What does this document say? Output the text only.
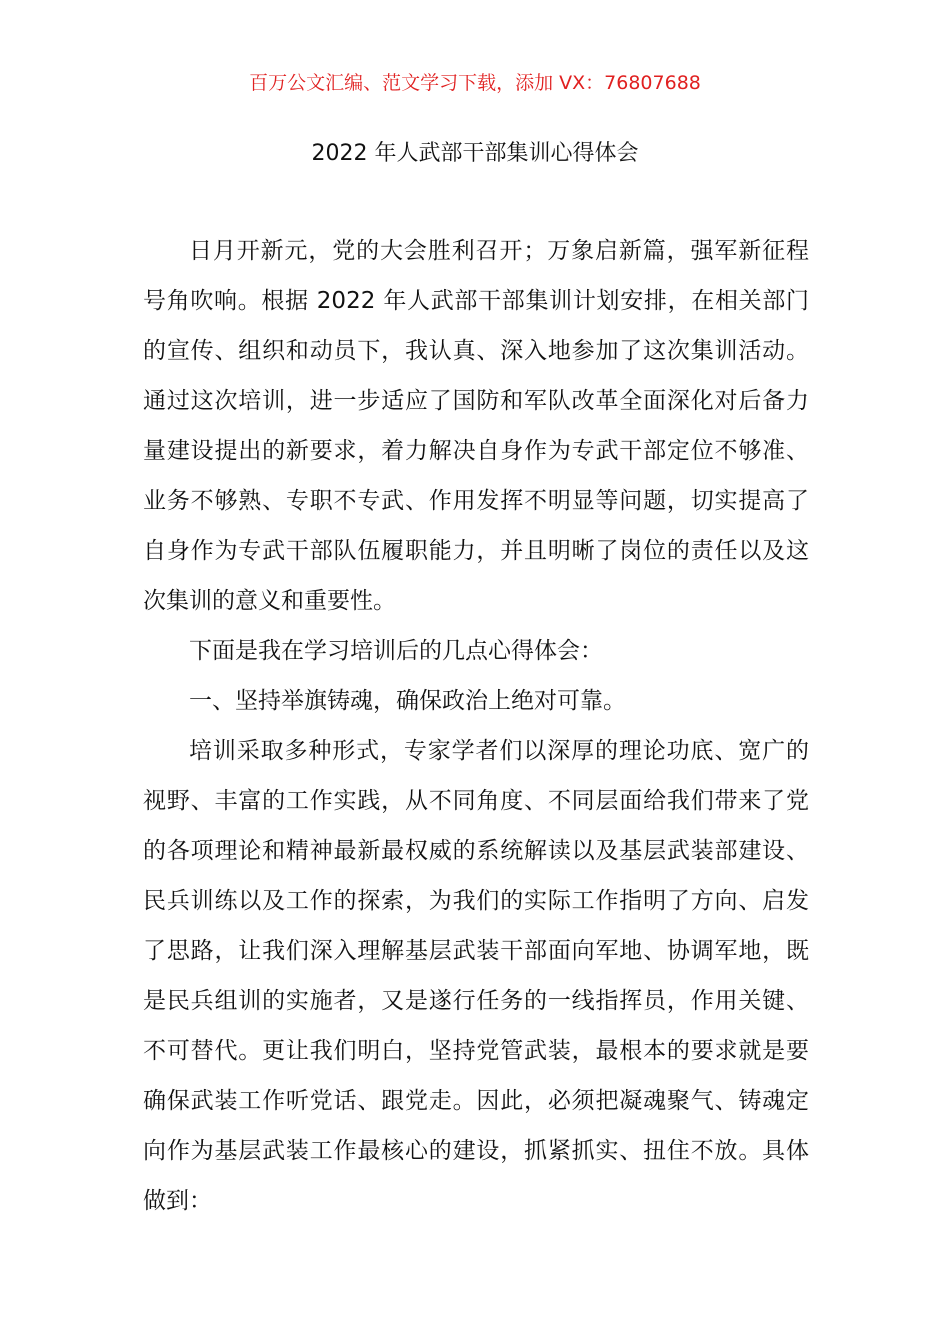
百万公文汇编、范文学习下载，添加 VX：76807688
2022 年人武部干部集训心得体会

日月开新元，党的大会胜利召开；万象启新篇，强军新征程号角吹响。根据 2022 年人武部干部集训计划安排，在相关部门的宣传、组织和动员下，我认真、深入地参加了这次集训活动。通过这次培训，进一步适应了国防和军队改革全面深化对后备力量建设提出的新要求，着力解决自身作为专武干部定位不够准、业务不够熟、专职不专武、作用发挥不明显等问题，切实提高了自身作为专武干部队伍履职能力，并且明晰了岗位的责任以及这次集训的意义和重要性。

下面是我在学习培训后的几点心得体会：

一、坚持举旗铸魂，确保政治上绝对可靠。

培训采取多种形式，专家学者们以深厚的理论功底、宽广的视野、丰富的工作实践，从不同角度、不同层面给我们带来了党的各项理论和精神最新最权威的系统解读以及基层武装部建设、民兵训练以及工作的探索，为我们的实际工作指明了方向、启发了思路，让我们深入理解基层武装干部面向军地、协调军地，既是民兵组训的实施者，又是遂行任务的一线指挥员，作用关键、不可替代。更让我们明白，坚持党管武装，最根本的要求就是要确保武装工作听党话、跟党走。因此，必须把凝魂聚气、铸魂定向作为基层武装工作最核心的建设，抓紧抓实、扭住不放。具体做到：
